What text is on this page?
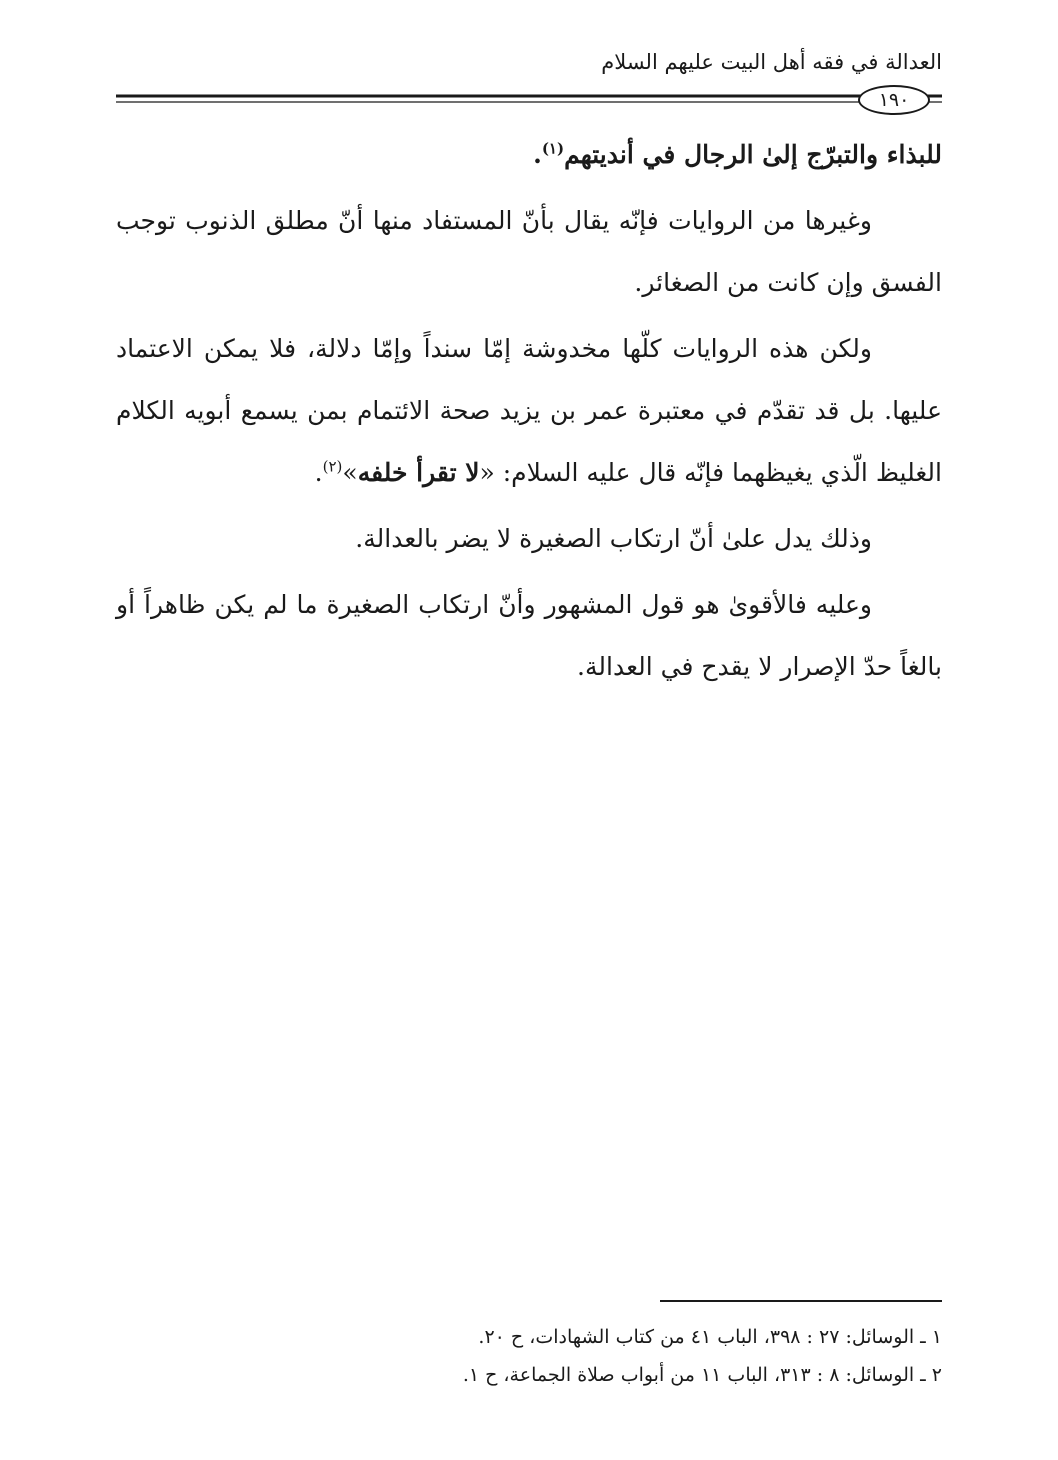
العدالة في فقه أهل البيت عليهم السلام
١٩٠

للبذاء والتبرّج إلىٰ الرجال في أنديتهم$^{(١)}$.

وغيرها من الروايات فإنّه يقال بأنّ المستفاد منها أنّ مطلق الذنوب توجب الفسق وإن كانت من الصغائر.

ولكن هذه الروايات كلّها مخدوشة إمّا سنداً وإمّا دلالة، فلا يمكن الاعتماد عليها. بل قد تقدّم في معتبرة عمر بن يزيد صحة الائتمام بمن يسمع أبويه الكلام الغليظ الّذي يغيظهما فإنّه قال عليه السلام: «لا تقرأ خلفه»$^{(٢)}$.

وذلك يدل علىٰ أنّ ارتكاب الصغيرة لا يضر بالعدالة.

وعليه فالأقوىٰ هو قول المشهور وأنّ ارتكاب الصغيرة ما لم يكن ظاهراً أو بالغاً حدّ الإصرار لا يقدح في العدالة.

١ ـ الوسائل: ٢٧ : ٣٩٨، الباب ٤١ من كتاب الشهادات، ح ٢٠.

٢ ـ الوسائل: ٨ : ٣١٣، الباب ١١ من أبواب صلاة الجماعة، ح ١.
